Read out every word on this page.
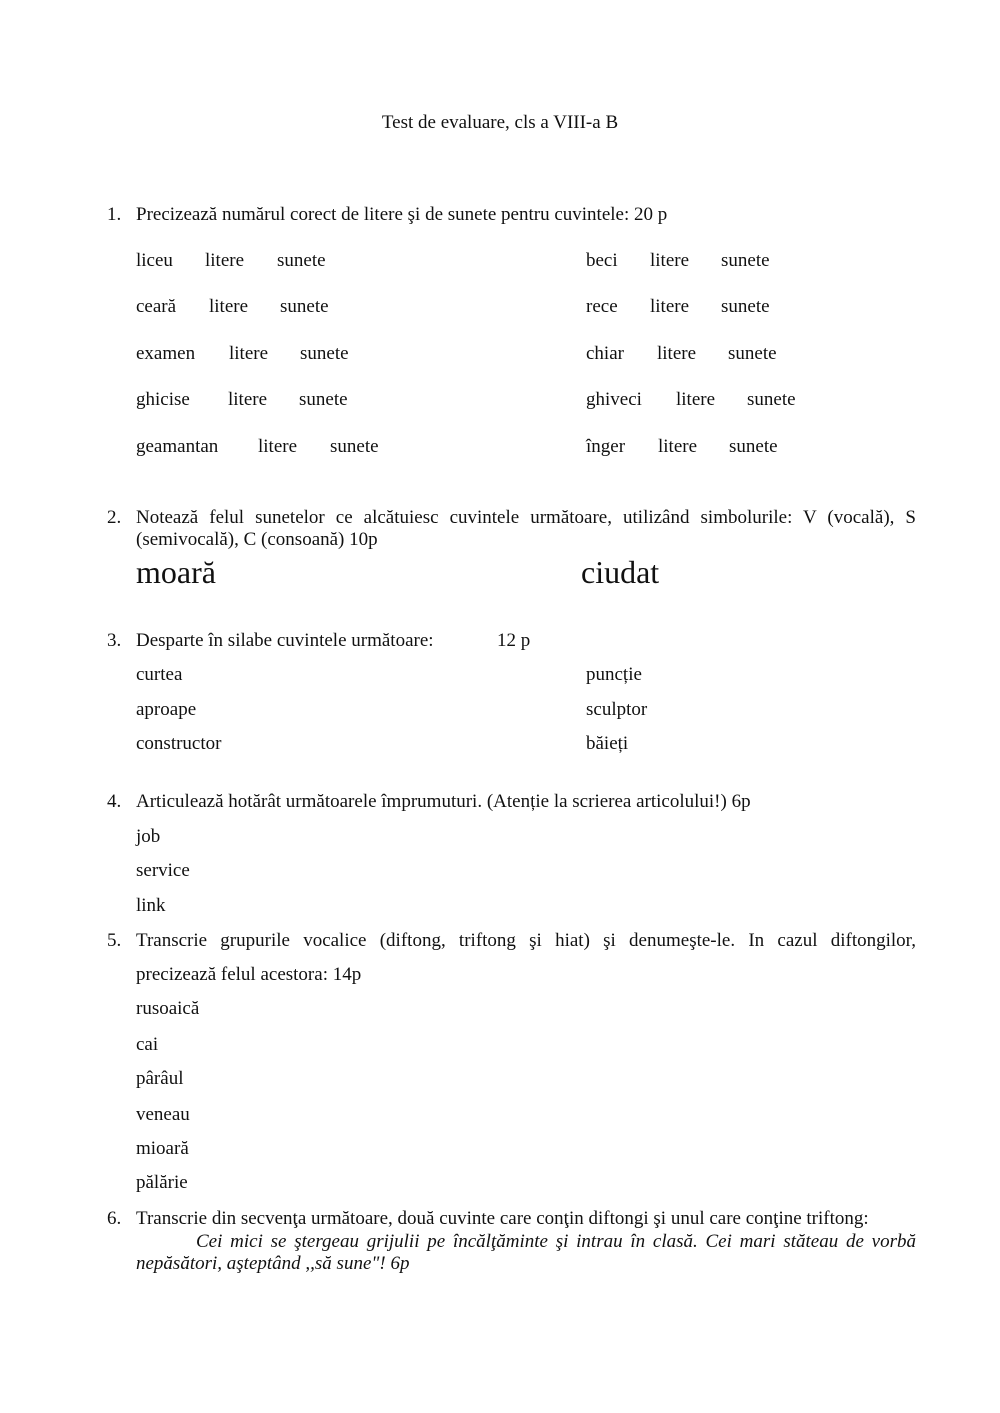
Test de evaluare, cls a VIII-a B
1. Precizează numărul corect de litere şi de sunete pentru cuvintele: 20 p
liceu litere sunete	beci litere sunete
ceară litere sunete	rece litere sunete
examen litere sunete	chiar litere sunete
ghicise litere sunete	ghiveci litere sunete
geamantan litere sunete	înger litere sunete
2. Notează felul sunetelor ce alcătuiesc cuvintele următoare, utilizând simbolurile: V (vocală), S
(semivocală), C (consoană) 10p
moară	ciudat
3. Desparte în silabe cuvintele următoare:	12 p
curtea	puncție
aproape	sculptor
constructor	băieți
4. Articulează hotărât următoarele împrumuturi. (Atenție la scrierea articolului!) 6p
job
service
link
5. Transcrie grupurile vocalice (diftong, triftong şi hiat) şi denumeşte-le. In cazul diftongilor,
precizează felul acestora: 14p
rusoaică
cai
pârâul
veneau
mioară
pălărie
6. Transcrie din secvenţa următoare, două cuvinte care conţin diftongi şi unul care conţine triftong:
Cei mici se ştergeau grijulii pe încălţăminte şi intrau în clasă. Cei mari stăteau de vorbă
nepăsători, aşteptând ,,să sune"! 6p
